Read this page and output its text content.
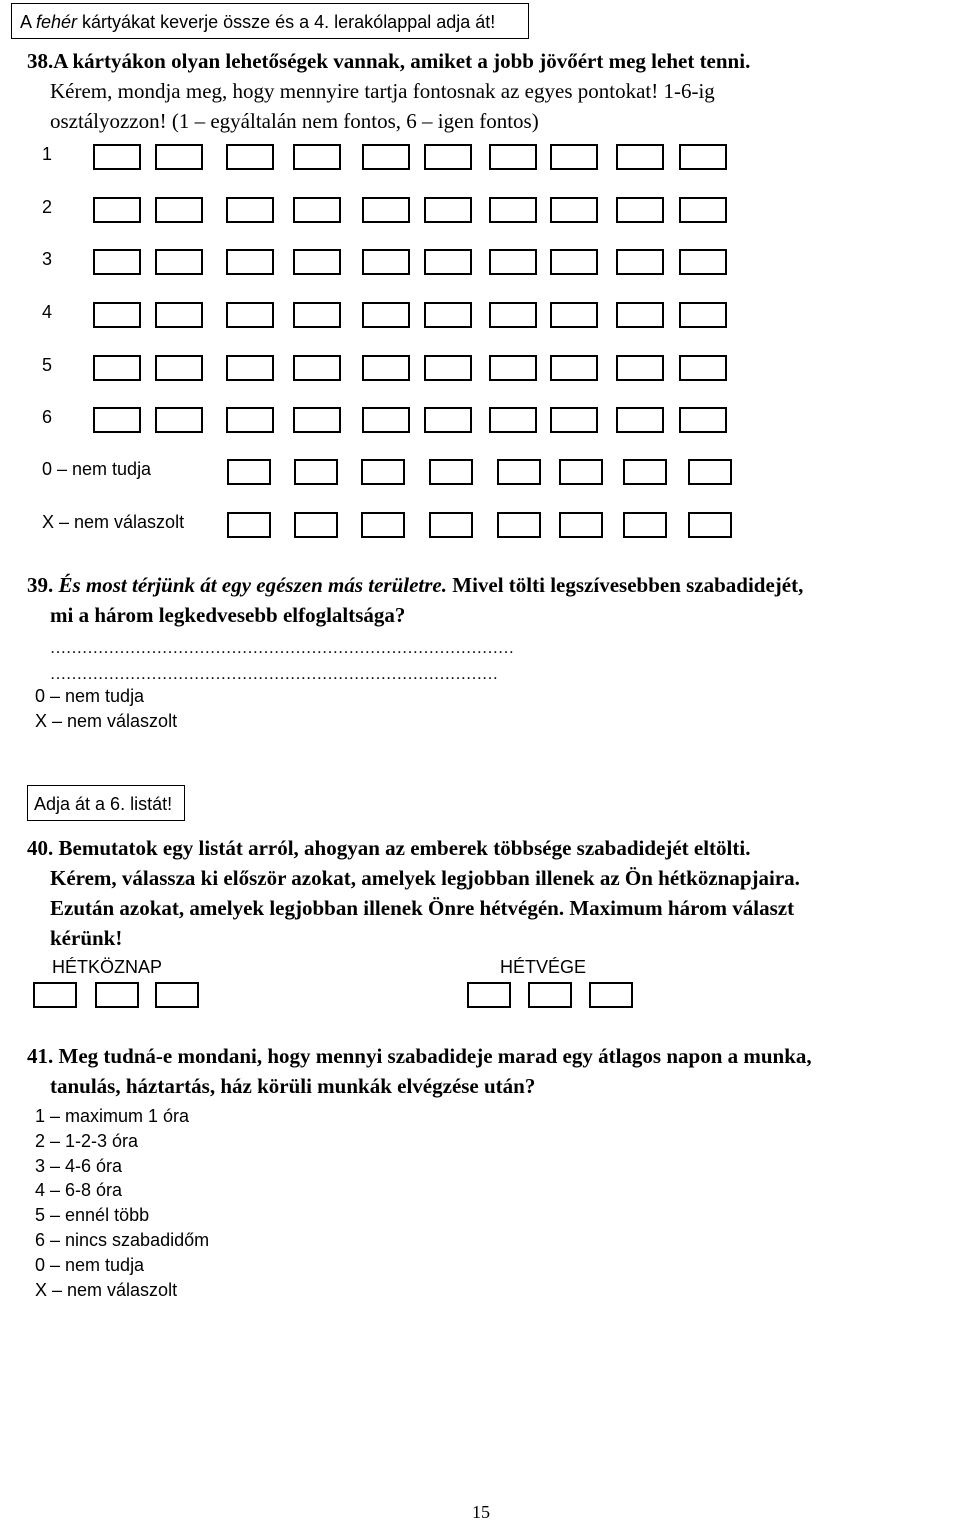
A fehér kártyákat keverje össze és a 4. lerakólappal adja át!
38.A kártyákon olyan lehetőségek vannak, amiket a jobb jövőért meg lehet tenni.
Kérem, mondja meg, hogy mennyire tartja fontosnak az egyes pontokat! 1-6-ig
osztályozzon! (1 – egyáltalán nem fontos, 6 – igen fontos)
1
2
3
4
5
6
0 – nem tudja
X – nem válaszolt
39. És most térjünk át egy egészen más területre. Mivel tölti legszívesebben szabadidejét,
mi a három legkedvesebb elfoglaltsága?
……………………………………………………………………………
…………………………………………………………………………
0 – nem tudja
X – nem válaszolt
Adja át a 6. listát!
40. Bemutatok egy listát arról, ahogyan az emberek többsége szabadidejét eltölti.
Kérem, válassza ki először azokat, amelyek legjobban illenek az Ön hétköznapjaira.
Ezután azokat, amelyek legjobban illenek Önre hétvégén. Maximum három választ
kérünk!
HÉTKÖZNAP	HÉTVÉGE
41. Meg tudná-e mondani, hogy mennyi szabadideje marad egy átlagos napon a munka,
tanulás, háztartás, ház körüli munkák elvégzése után?
1 – maximum 1 óra
2 – 1-2-3 óra
3 – 4-6 óra
4 – 6-8 óra
5 – ennél több
6 – nincs szabadidőm
0 – nem tudja
X – nem válaszolt
15
